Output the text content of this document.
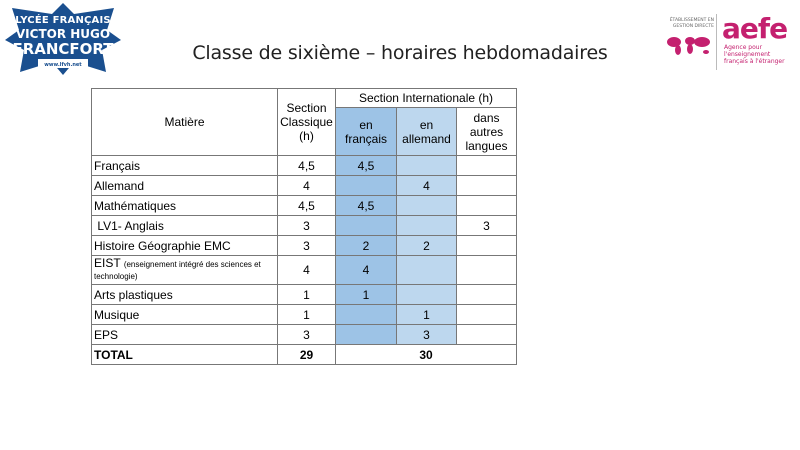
LYCÉE FRANÇAIS
VICTOR HUGO
FRANCFORT
www.lfvh.net
ÉTABLISSEMENT EN GESTION DIRECTE aefe
Agence pour l'enseignement français à l'étranger
Classe de sixième – horaires hebdomadaires
Matière	Section Classique (h)	Section Internationale (h)		
		en français	en allemand	dans autres langues
Français	4,5	4,5		
Allemand	4		4	
Mathématiques	4,5	4,5		
LV1- Anglais	3			3
Histoire Géographie EMC	3	2	2	
EIST (enseignement intégré des sciences et technologie)	4	4		
Arts plastiques	1	1		
Musique	1		1	
EPS	3		3	
TOTAL	29	30		
